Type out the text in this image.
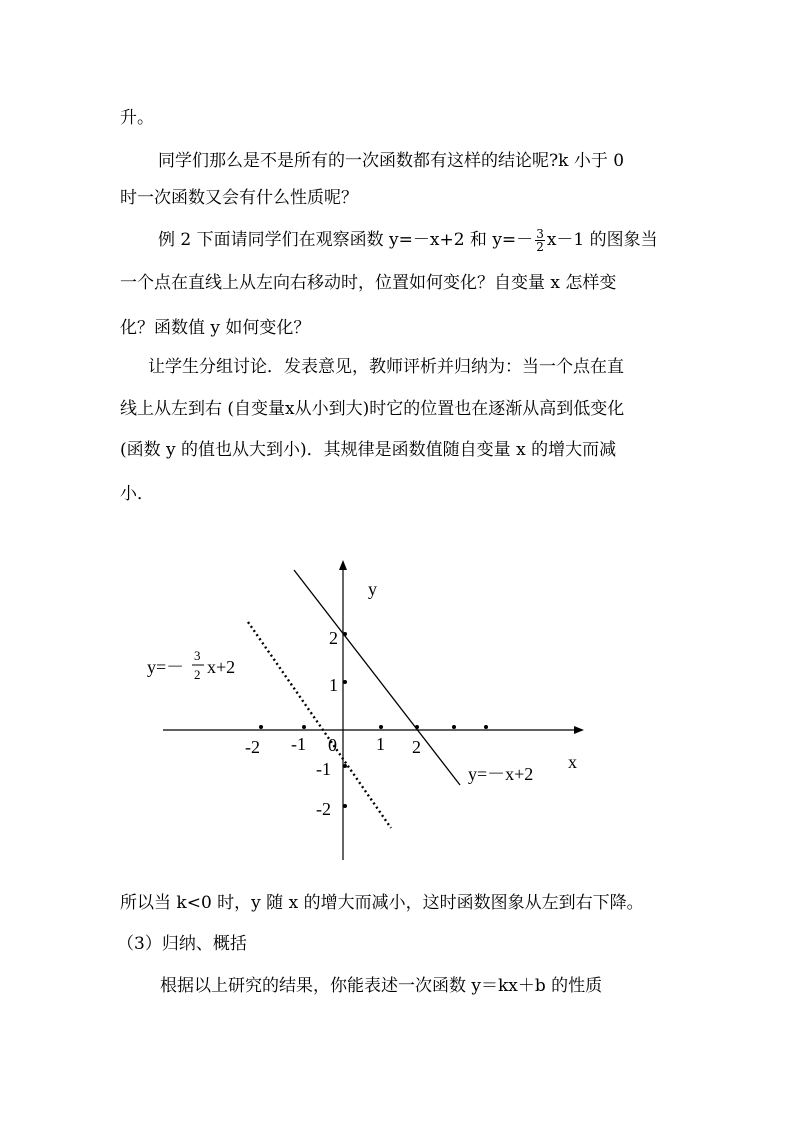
升。
同学们那么是不是所有的一次函数都有这样的结论呢?k 小于 0
时一次函数又会有什么性质呢？
例 2 下面请同学们在观察函数 y=－x+2 和 $y=- \frac{3}{2} x-1$ 的图象当
一个点在直线上从左向右移动时，位置如何变化？自变量 x 怎样变
化？函数值 y 如何变化？
让学生分组讨论．发表意见，教师评析并归纳为：当一个点在直
线上从左到右 (自变量x从小到大)时它的位置也在逐渐从高到低变化
(函数 y 的值也从大到小)．其规律是函数值随自变量 x 的增大而减
小．
y
x
0
-2 -1	1 2
2
1
-1
-2
y=－x+2
y=－
3
2 x+2
所以当 k<0 时，y 随 x 的增大而减小，这时函数图象从左到右下降。
（3）归纳、概括
根据以上研究的结果，你能表述一次函数 y＝kx＋b 的性质
